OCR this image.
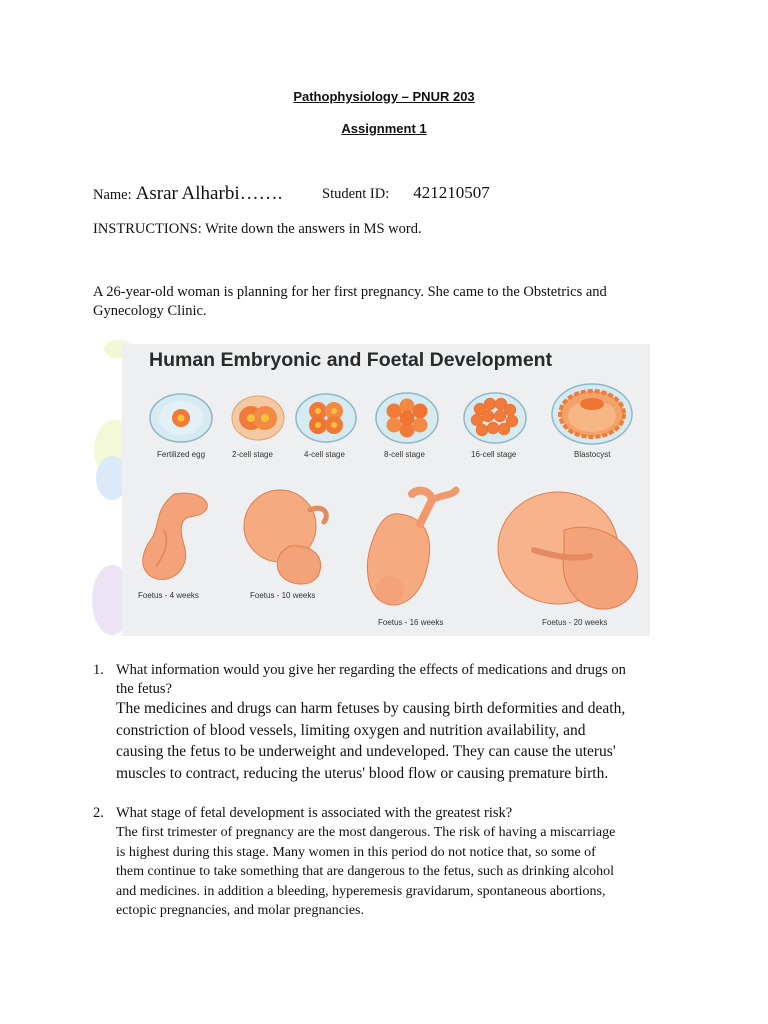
Pathophysiology – PNUR 203
Assignment 1
Name: Asrar Alharbi…….	Student ID: 421210507
INSTRUCTIONS: Write down the answers in MS word.
A 26-year-old woman is planning for her first pregnancy. She came to the Obstetrics and
Gynecology Clinic.
Human Embryonic and Foetal Development
Fertilized egg	2-cell stage	4-cell stage	8-cell stage	16-cell stage	Blastocyst
Foetus - 4 weeks	Foetus - 10 weeks
Foetus - 16 weeks	Foetus - 20 weeks
1. What information would you give her regarding the effects of medications and drugs on
the fetus?
The medicines and drugs can harm fetuses by causing birth deformities and death,
constriction of blood vessels, limiting oxygen and nutrition availability, and
causing the fetus to be underweight and undeveloped. They can cause the uterus'
muscles to contract, reducing the uterus' blood flow or causing premature birth.
2. What stage of fetal development is associated with the greatest risk?
The first trimester of pregnancy are the most dangerous. The risk of having a miscarriage
is highest during this stage. Many women in this period do not notice that, so some of
them continue to take something that are dangerous to the fetus, such as drinking alcohol
and medicines. in addition a bleeding, hyperemesis gravidarum, spontaneous abortions,
ectopic pregnancies, and molar pregnancies.
